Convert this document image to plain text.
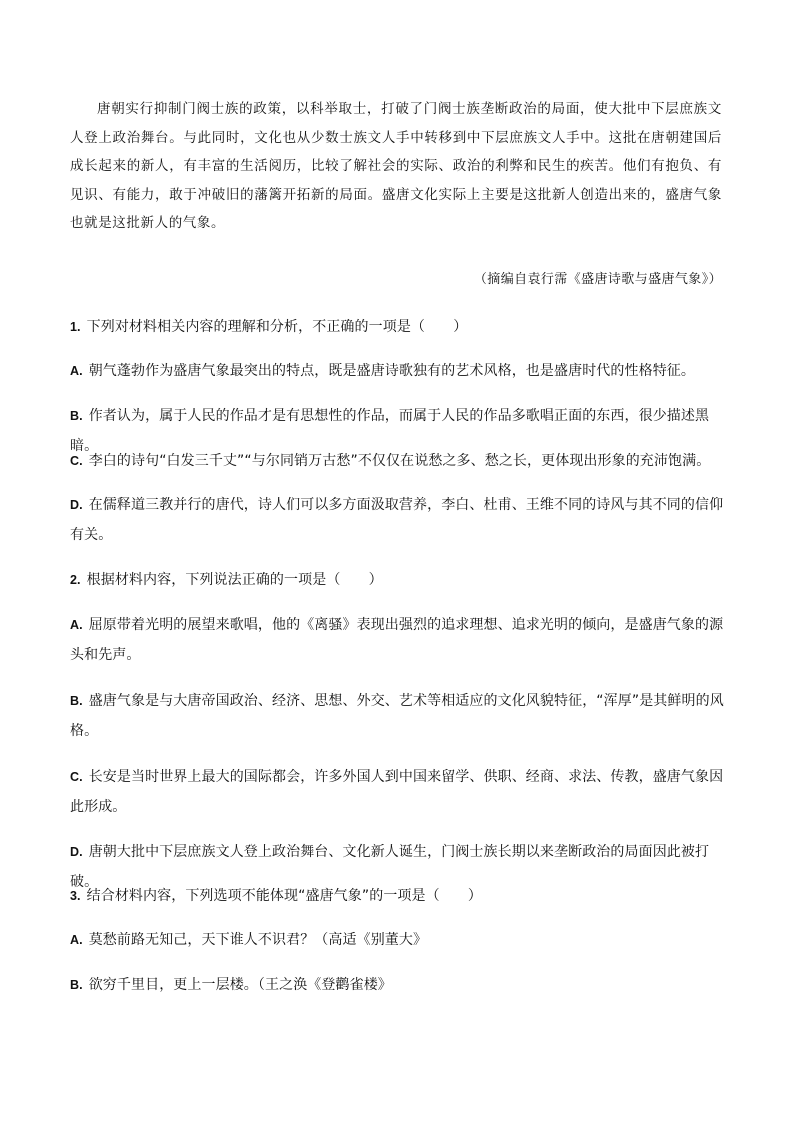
唐朝实行抑制门阀士族的政策，以科举取士，打破了门阀士族垄断政治的局面，使大批中下层庶族文人登上政治舞台。与此同时，文化也从少数士族文人手中转移到中下层庶族文人手中。这批在唐朝建国后成长起来的新人，有丰富的生活阅历，比较了解社会的实际、政治的利弊和民生的疾苦。他们有抱负、有见识、有能力，敢于冲破旧的藩篱开拓新的局面。盛唐文化实际上主要是这批新人创造出来的，盛唐气象也就是这批新人的气象。

（摘编自袁行霈《盛唐诗歌与盛唐气象》）

1. 下列对材料相关内容的理解和分析，不正确的一项是（　　）

A. 朝气蓬勃作为盛唐气象最突出的特点，既是盛唐诗歌独有的艺术风格，也是盛唐时代的性格特征。

B. 作者认为，属于人民的作品才是有思想性的作品，而属于人民的作品多歌唱正面的东西，很少描述黑暗。

C. 李白的诗句“白发三千丈”“与尔同销万古愁”不仅仅在说愁之多、愁之长，更体现出形象的充沛饱满。

D. 在儒释道三教并行的唐代，诗人们可以多方面汲取营养，李白、杜甫、王维不同的诗风与其不同的信仰有关。

2. 根据材料内容，下列说法正确的一项是（　　）

A. 屈原带着光明的展望来歌唱，他的《离骚》表现出强烈的追求理想、追求光明的倾向，是盛唐气象的源头和先声。

B. 盛唐气象是与大唐帝国政治、经济、思想、外交、艺术等相适应的文化风貌特征，“浑厚”是其鲜明的风格。

C. 长安是当时世界上最大的国际都会，许多外国人到中国来留学、供职、经商、求法、传教，盛唐气象因此形成。

D. 唐朝大批中下层庶族文人登上政治舞台、文化新人诞生，门阀士族长期以来垄断政治的局面因此被打破。

3. 结合材料内容，下列选项不能体现“盛唐气象”的一项是（　　）

A. 莫愁前路无知己，天下谁人不识君？（高适《别董大》

B. 欲穷千里目，更上一层楼。（王之涣《登鹳雀楼》
